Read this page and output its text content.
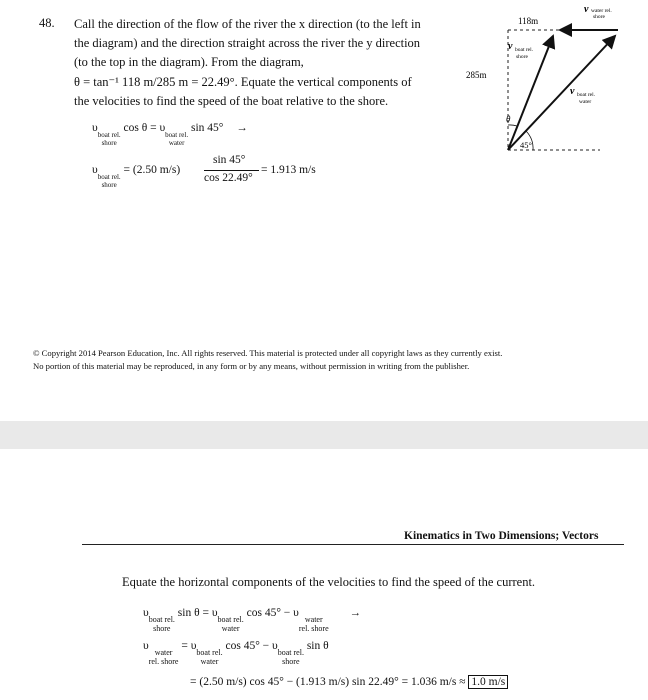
48. Call the direction of the flow of the river the x direction (to the left in
the diagram) and the direction straight across the river the y direction
(to the top in the diagram). From the diagram,
θ = tan⁻¹ 118 m/285 m = 22.49°. Equate the vertical components of
the velocities to find the speed of the boat relative to the shore.
υboat rel.
shore cos θ = υboat rel.
water sin 45° →
υboat rel.
shore = (2.50 m/s)
sin 45°
cos 22.49°
= 1.913 m/s
118m
285m
v water rel.
shore
v boat rel.
shore
v boat rel.
water
θ
45°
© Copyright 2014 Pearson Education, Inc. All rights reserved. This material is protected under all copyright laws as they currently exist.
No portion of this material may be reproduced, in any form or by any means, without permission in writing from the publisher.
Kinematics in Two Dimensions; Vectors
Equate the horizontal components of the velocities to find the speed of the current.
υboat rel.
shore sin θ = υboat rel.
water cos 45° − υwater
rel. shore →
υwater
rel. shore = υboat rel.
water cos 45° − υboat rel.
shore sin θ
= (2.50 m/s) cos 45° − (1.913 m/s) sin 22.49° = 1.036 m/s ≈ 1.0 m/s
